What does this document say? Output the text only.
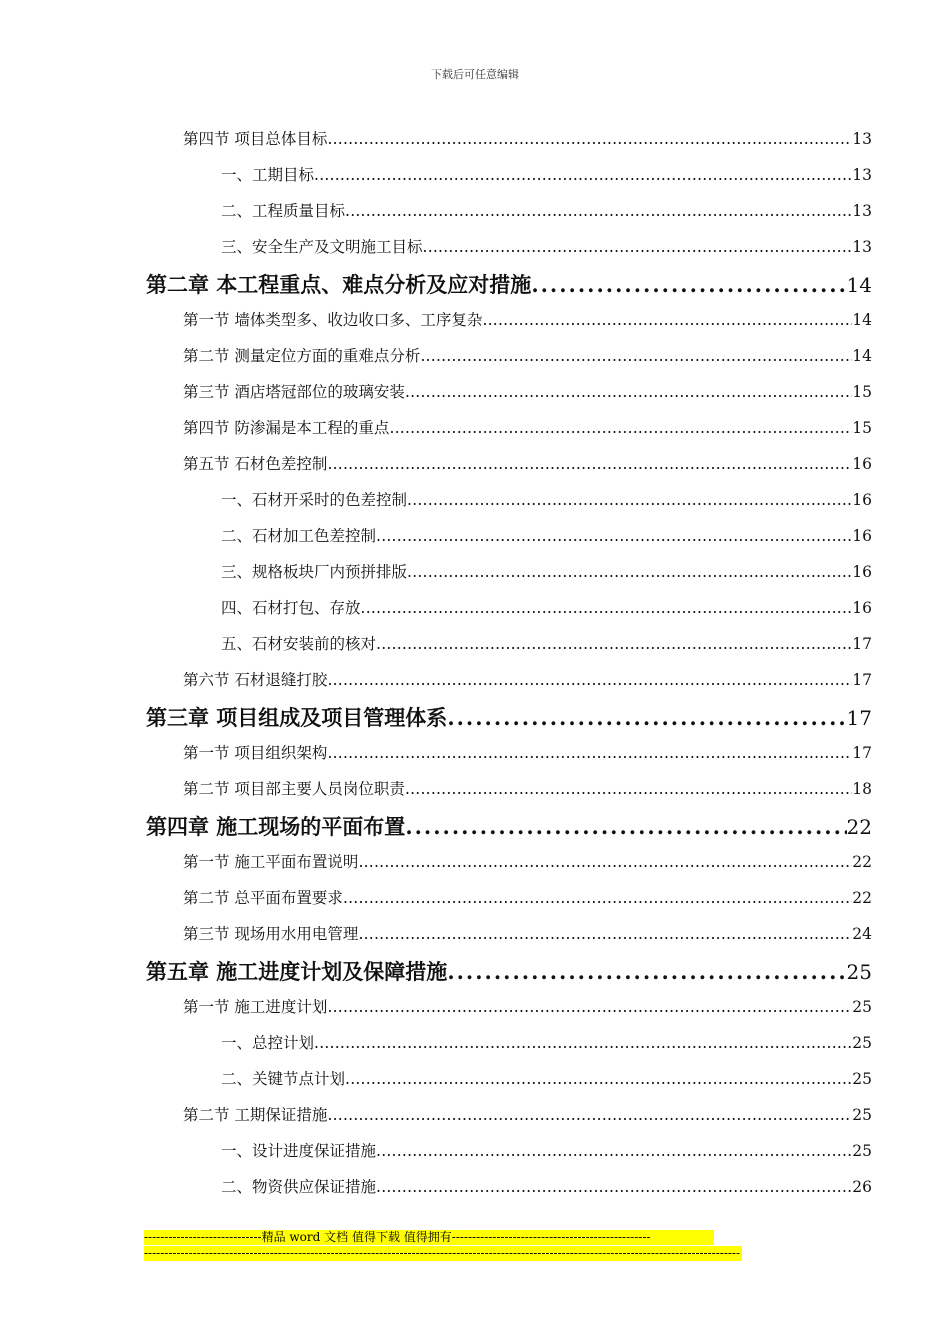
下载后可任意编辑
第四节 项目总体目标 .....	13
一、工期目标 .....	13
二、工程质量目标 .....	13
三、安全生产及文明施工目标 .....	13
第二章 本工程重点、难点分析及应对措施 .....	14
第一节 墙体类型多、收边收口多、工序复杂 .....	14
第二节 测量定位方面的重难点分析 .....	14
第三节 酒店塔冠部位的玻璃安装 .....	15
第四节 防渗漏是本工程的重点 .....	15
第五节 石材色差控制 .....	16
一、石材开采时的色差控制 .....	16
二、石材加工色差控制 .....	16
三、规格板块厂内预拼排版 .....	16
四、石材打包、存放 .....	16
五、石材安装前的核对 .....	17
第六节 石材退缝打胶 .....	17
第三章 项目组成及项目管理体系 .....	17
第一节 项目组织架构 .....	17
第二节 项目部主要人员岗位职责 .....	18
第四章 施工现场的平面布置 .....	22
第一节 施工平面布置说明 .....	22
第二节 总平面布置要求 .....	22
第三节 现场用水用电管理 .....	24
第五章 施工进度计划及保障措施 .....	25
第一节 施工进度计划 .....	25
一、总控计划 .....	25
二、关键节点计划 .....	25
第二节 工期保证措施 .....	25
一、设计进度保证措施 .....	25
二、物资供应保证措施 .....	26
-----------------------------精品 word 文档 值得下载 值得拥有-------------------------------------------------
---------------------------------------------------------------------------------------------------------------------------------------------------
